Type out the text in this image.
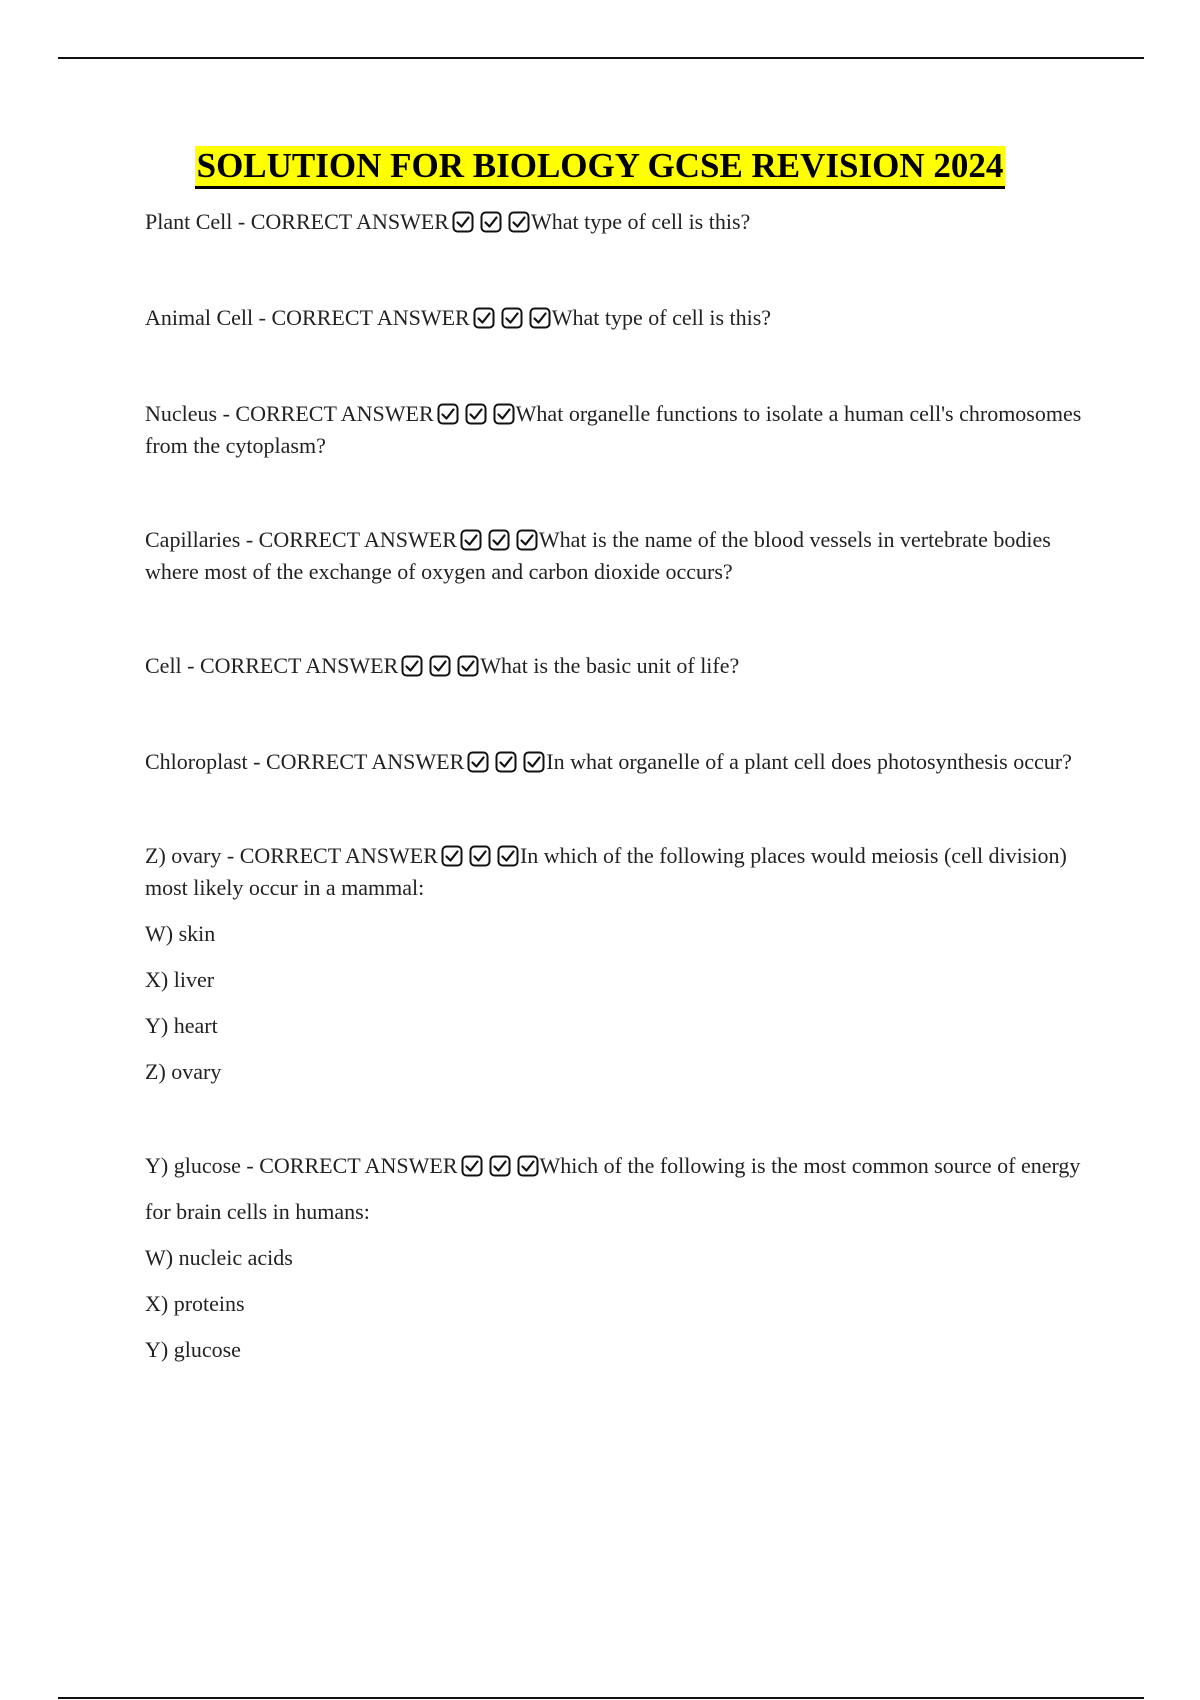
SOLUTION FOR BIOLOGY GCSE REVISION 2024

Plant Cell - CORRECT ANSWER	What type of cell is this?

Animal Cell - CORRECT ANSWER	What type of cell is this?

Nucleus - CORRECT ANSWER	What organelle functions to isolate a human cell's chromosomes from the cytoplasm?

Capillaries - CORRECT ANSWER	What is the name of the blood vessels in vertebrate bodies where most of the exchange of oxygen and carbon dioxide occurs?

Cell - CORRECT ANSWER	What is the basic unit of life?

Chloroplast - CORRECT ANSWER	In what organelle of a plant cell does photosynthesis occur?

Z) ovary - CORRECT ANSWER	In which of the following places would meiosis (cell division) most likely occur in a mammal:

W) skin
X) liver
Y) heart
Z) ovary

Y) glucose - CORRECT ANSWER	Which of the following is the most common source of energy

for brain cells in humans:
W) nucleic acids
X) proteins
Y) glucose
